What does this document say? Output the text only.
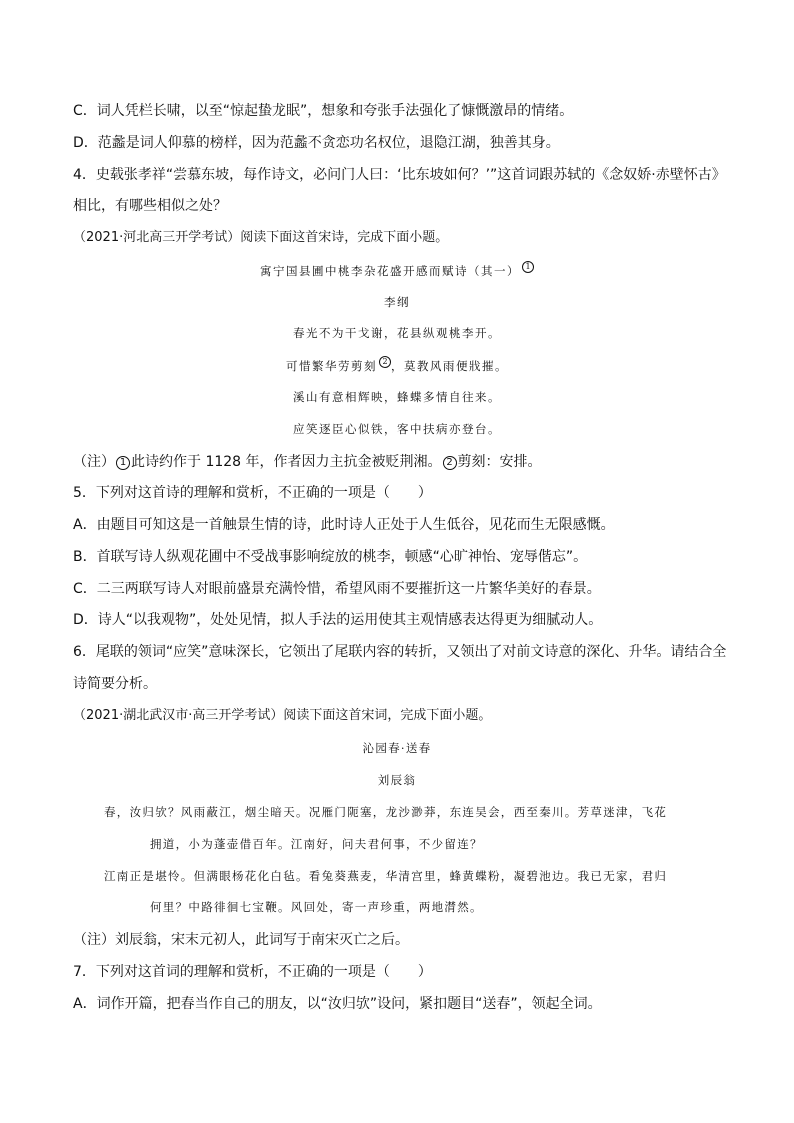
C．词人凭栏长啸，以至“惊起蛰龙眠”，想象和夸张手法强化了慷慨激昂的情绪。
D．范蠡是词人仰慕的榜样，因为范蠡不贪恋功名权位，退隐江湖，独善其身。
4．史载张孝祥“尝慕东坡，每作诗文，必问门人曰：‘比东坡如何？’”这首词跟苏轼的《念奴娇·赤壁怀古》
相比，有哪些相似之处？
（2021·河北高三开学考试）阅读下面这首宋诗，完成下面小题。
寓宁国县圃中桃李杂花盛开感而赋诗（其一） 1
李纲
春光不为干戈谢，花县纵观桃李开。
可惜繁华劳剪刻 2 ，莫教风雨便戕摧。
溪山有意相辉映，蜂蝶多情自往来。
应笑逐臣心似铁，客中扶病亦登台。
（注） 1 此诗约作于 1128 年，作者因力主抗金被贬荆湘。 2 剪刻：安排。
5．下列对这首诗的理解和赏析，不正确的一项是（　　）
A．由题目可知这是一首触景生情的诗，此时诗人正处于人生低谷，见花而生无限感慨。
B．首联写诗人纵观花圃中不受战事影响绽放的桃李，顿感“心旷神怡、宠辱偕忘”。
C．二三两联写诗人对眼前盛景充满怜惜，希望风雨不要摧折这一片繁华美好的春景。
D．诗人“以我观物”，处处见情，拟人手法的运用使其主观情感表达得更为细腻动人。
6．尾联的领词“应笑”意味深长，它领出了尾联内容的转折，又领出了对前文诗意的深化、升华。请结合全
诗简要分析。
（2021·湖北武汉市·高三开学考试）阅读下面这首宋词，完成下面小题。
沁园春·送春
刘辰翁
春，汝归欤？风雨蔽江，烟尘暗天。况雁门阨塞，龙沙渺莽，东连吴会，西至秦川。芳草迷津，飞花
拥道，小为蓬壶借百年。江南好，问夫君何事，不少留连？
江南正是堪怜。但满眼杨花化白毡。看兔葵燕麦，华清宫里，蜂黄蝶粉，凝碧池边。我已无家，君归
何里？中路徘徊七宝鞭。风回处，寄一声珍重，两地潸然。
（注）刘辰翁，宋末元初人，此词写于南宋灭亡之后。
7．下列对这首词的理解和赏析，不正确的一项是（　　）
A．词作开篇，把春当作自己的朋友，以“汝归欤”设问，紧扣题目“送春”，领起全词。
